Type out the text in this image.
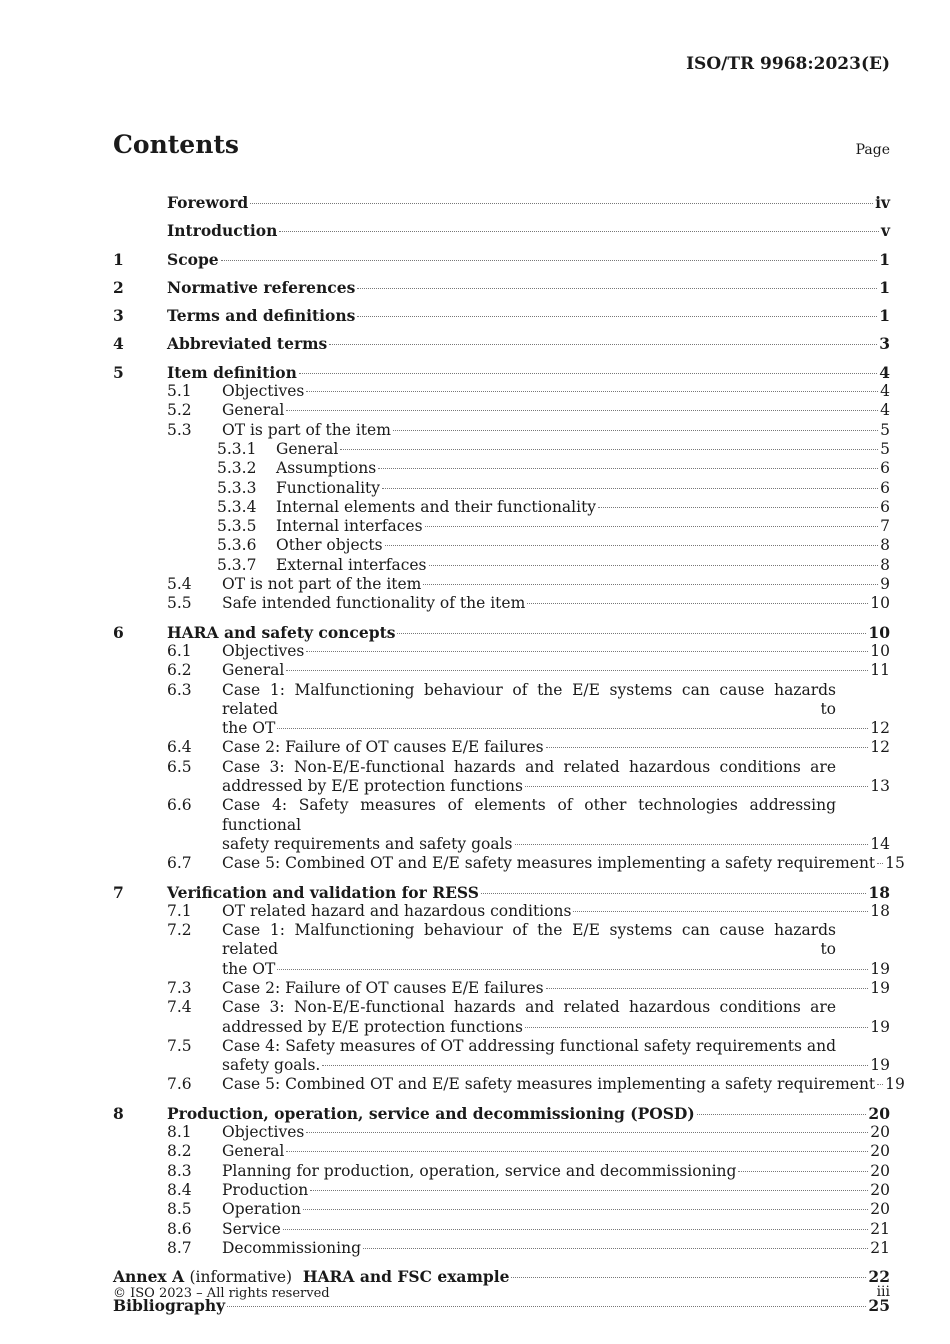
ISO/TR 9968:2023(E)
Contents	Page
Foreword	iv
Introduction	v
1	Scope	1
2	Normative references	1
3	Terms and definitions	1
4	Abbreviated terms	3
5	Item definition	4
5.1 Objectives	4
5.2 General	4
5.3 OT is part of the item	5
5.3.1 General	5
5.3.2 Assumptions	6
5.3.3 Functionality	6
5.3.4 Internal elements and their functionality	6
5.3.5 Internal interfaces	7
5.3.6 Other objects	8
5.3.7 External interfaces	8
5.4 OT is not part of the item	9
5.5 Safe intended functionality of the item	10
6	HARA and safety concepts	10
6.1 Objectives	10
6.2 General	11
6.3 Case 1: Malfunctioning behaviour of the E/E systems can cause hazards related to
the OT	12
6.4 Case 2: Failure of OT causes E/E failures	12
6.5 Case 3: Non-E/E-functional hazards and related hazardous conditions are
addressed by E/E protection functions	13
6.6 Case 4: Safety measures of elements of other technologies addressing functional
safety requirements and safety goals	14
6.7 Case 5: Combined OT and E/E safety measures implementing a safety requirement 15
7	Verification and validation for RESS	18
7.1 OT related hazard and hazardous conditions	18
7.2 Case 1: Malfunctioning behaviour of the E/E systems can cause hazards related to
the OT	19
7.3 Case 2: Failure of OT causes E/E failures	19
7.4 Case 3: Non-E/E-functional hazards and related hazardous conditions are
addressed by E/E protection functions	19
7.5 Case 4: Safety measures of OT addressing functional safety requirements and
safety goals.	19
7.6 Case 5: Combined OT and E/E safety measures implementing a safety requirement 19
8	Production, operation, service and decommissioning (POSD)	20
8.1 Objectives	20
8.2 General	20
8.3 Planning for production, operation, service and decommissioning	20
8.4 Production	20
8.5 Operation	20
8.6 Service	21
8.7 Decommissioning	21
Annex A (informative) HARA and FSC example	22
Bibliography	25
© ISO 2023 – All rights reserved	iii
